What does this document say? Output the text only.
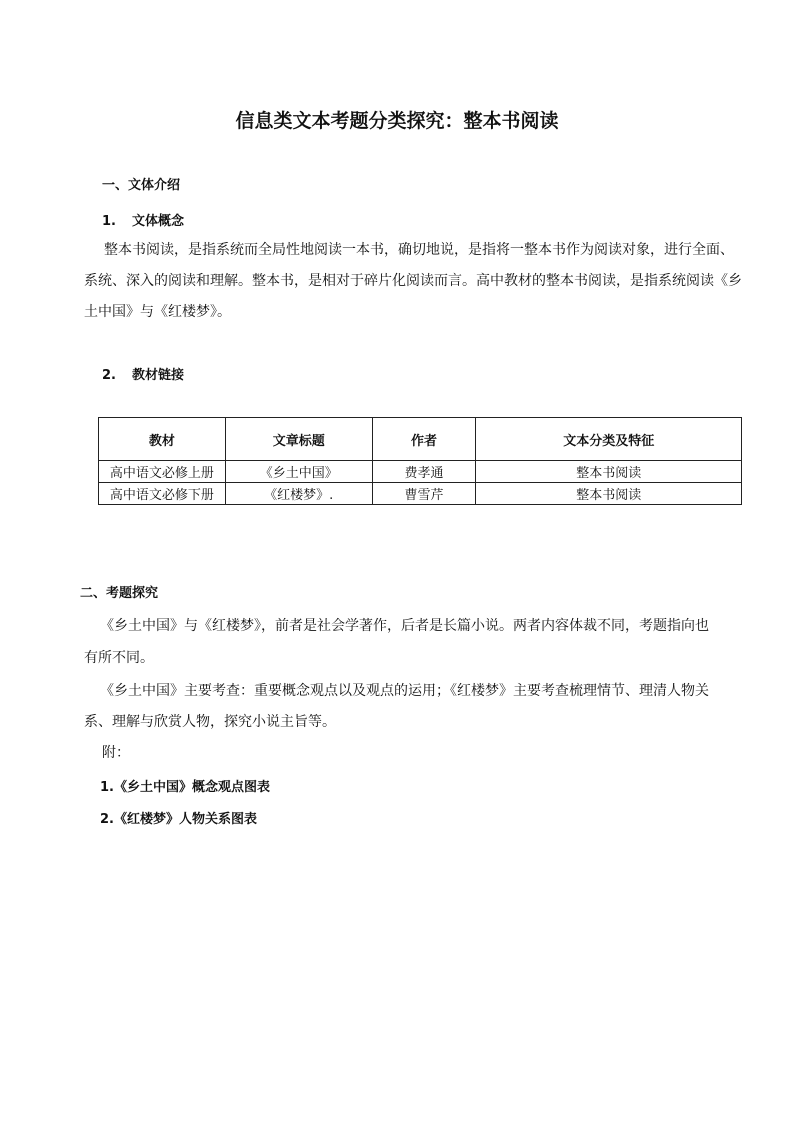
信息类文本考题分类探究：整本书阅读
一、文体介绍
1. 文体概念
整本书阅读，是指系统而全局性地阅读一本书，确切地说，是指将一整本书作为阅读对象，进行全面、
系统、深入的阅读和理解。整本书，是相对于碎片化阅读而言。高中教材的整本书阅读，是指系统阅读《乡
土中国》与《红楼梦》。
2. 教材链接
教材	文章标题	作者	文本分类及特征
高中语文必修上册	《乡土中国》	费孝通	整本书阅读
高中语文必修下册	《红楼梦》.	曹雪芹	整本书阅读
二、考题探究
《乡土中国》与《红楼梦》，前者是社会学著作，后者是长篇小说。两者内容体裁不同，考题指向也
有所不同。
《乡土中国》主要考查：重要概念观点以及观点的运用；《红楼梦》主要考查梳理情节、理清人物关
系、理解与欣赏人物，探究小说主旨等。
附：
1.《乡土中国》概念观点图表
2.《红楼梦》人物关系图表
